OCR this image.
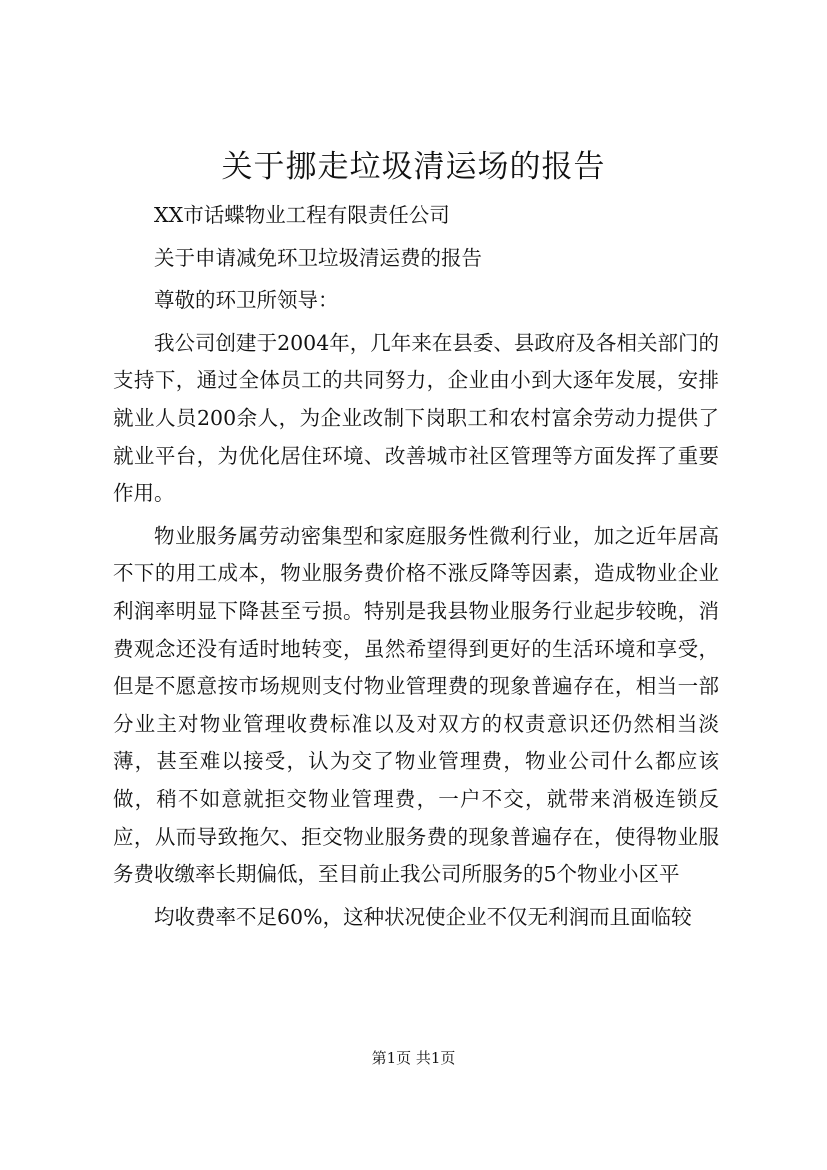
关于挪走垃圾清运场的报告

XX市话蝶物业工程有限责任公司

关于申请减免环卫垃圾清运费的报告

尊敬的环卫所领导：

我公司创建于2004年，几年来在县委、县政府及各相关部门的支持下，通过全体员工的共同努力，企业由小到大逐年发展，安排就业人员200余人，为企业改制下岗职工和农村富余劳动力提供了就业平台，为优化居住环境、改善城市社区管理等方面发挥了重要作用。

物业服务属劳动密集型和家庭服务性微利行业，加之近年居高不下的用工成本，物业服务费价格不涨反降等因素，造成物业企业利润率明显下降甚至亏损。特别是我县物业服务行业起步较晚，消费观念还没有适时地转变，虽然希望得到更好的生活环境和享受，但是不愿意按市场规则支付物业管理费的现象普遍存在，相当一部分业主对物业管理收费标准以及对双方的权责意识还仍然相当淡薄，甚至难以接受，认为交了物业管理费，物业公司什么都应该做，稍不如意就拒交物业管理费，一户不交，就带来消极连锁反应，从而导致拖欠、拒交物业服务费的现象普遍存在，使得物业服务费收缴率长期偏低，至目前止我公司所服务的5个物业小区平

均收费率不足60%，这种状况使企业不仅无利润而且面临较

第1页 共1页
